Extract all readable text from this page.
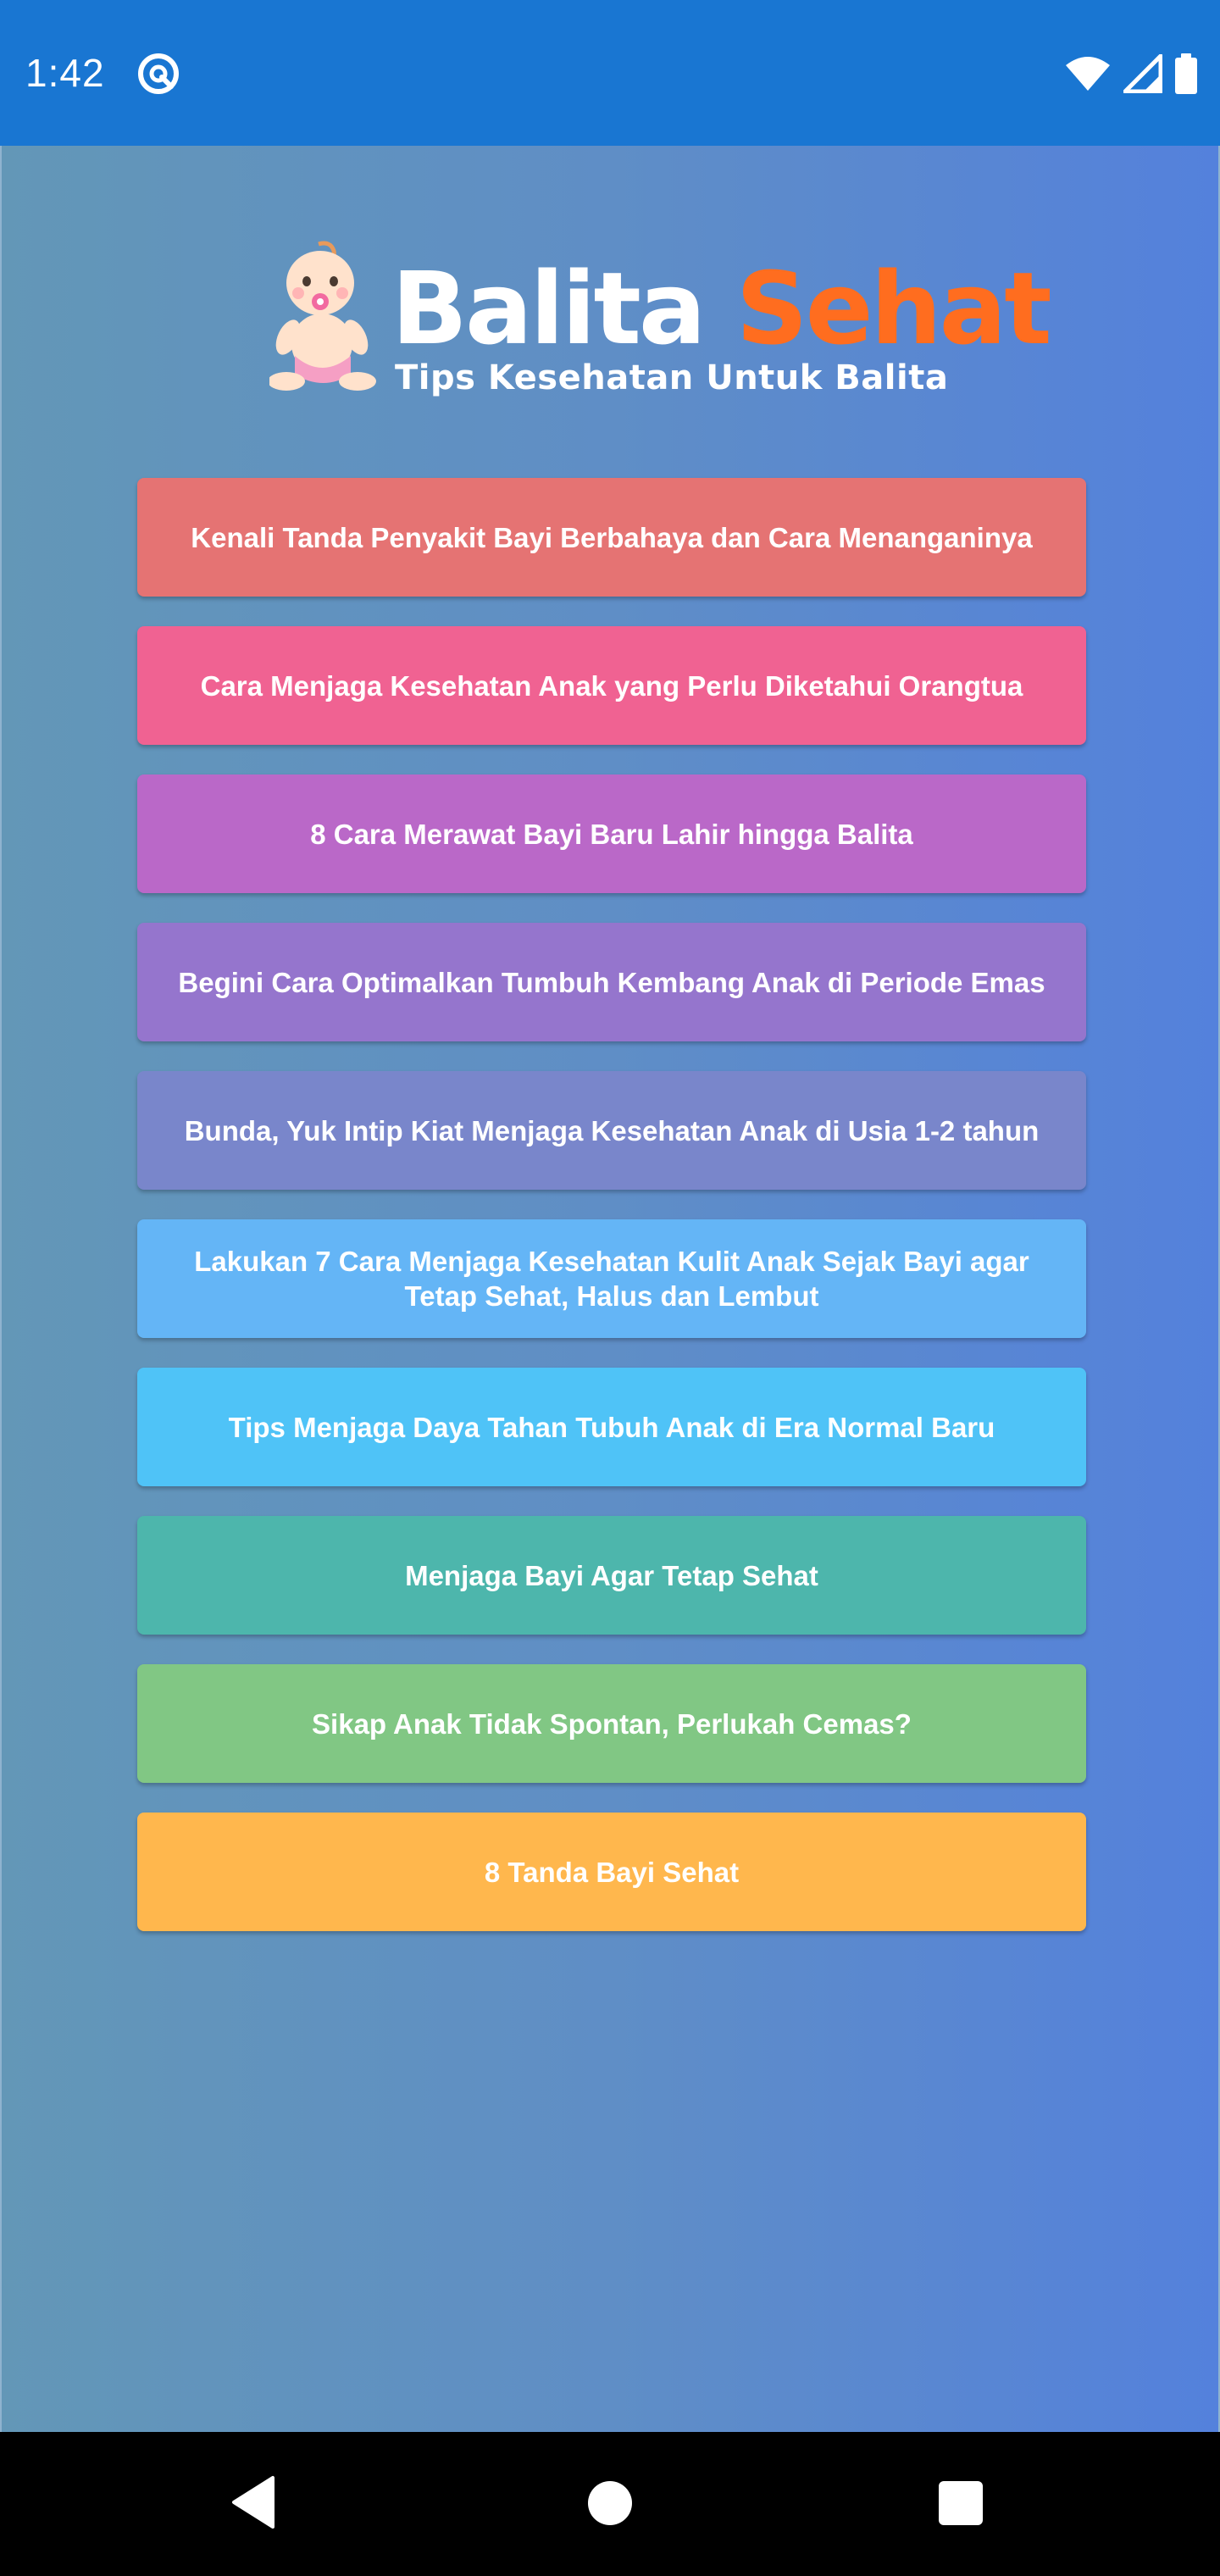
1:42
Balita Sehat
Tips Kesehatan Untuk Balita
Kenali Tanda Penyakit Bayi Berbahaya dan Cara Menanganinya
Cara Menjaga Kesehatan Anak yang Perlu Diketahui Orangtua
8 Cara Merawat Bayi Baru Lahir hingga Balita
Begini Cara Optimalkan Tumbuh Kembang Anak di Periode Emas
Bunda, Yuk Intip Kiat Menjaga Kesehatan Anak di Usia 1-2 tahun
Lakukan 7 Cara Menjaga Kesehatan Kulit Anak Sejak Bayi agar Tetap Sehat, Halus dan Lembut
Tips Menjaga Daya Tahan Tubuh Anak di Era Normal Baru
Menjaga Bayi Agar Tetap Sehat
Sikap Anak Tidak Spontan, Perlukah Cemas?
8 Tanda Bayi Sehat
